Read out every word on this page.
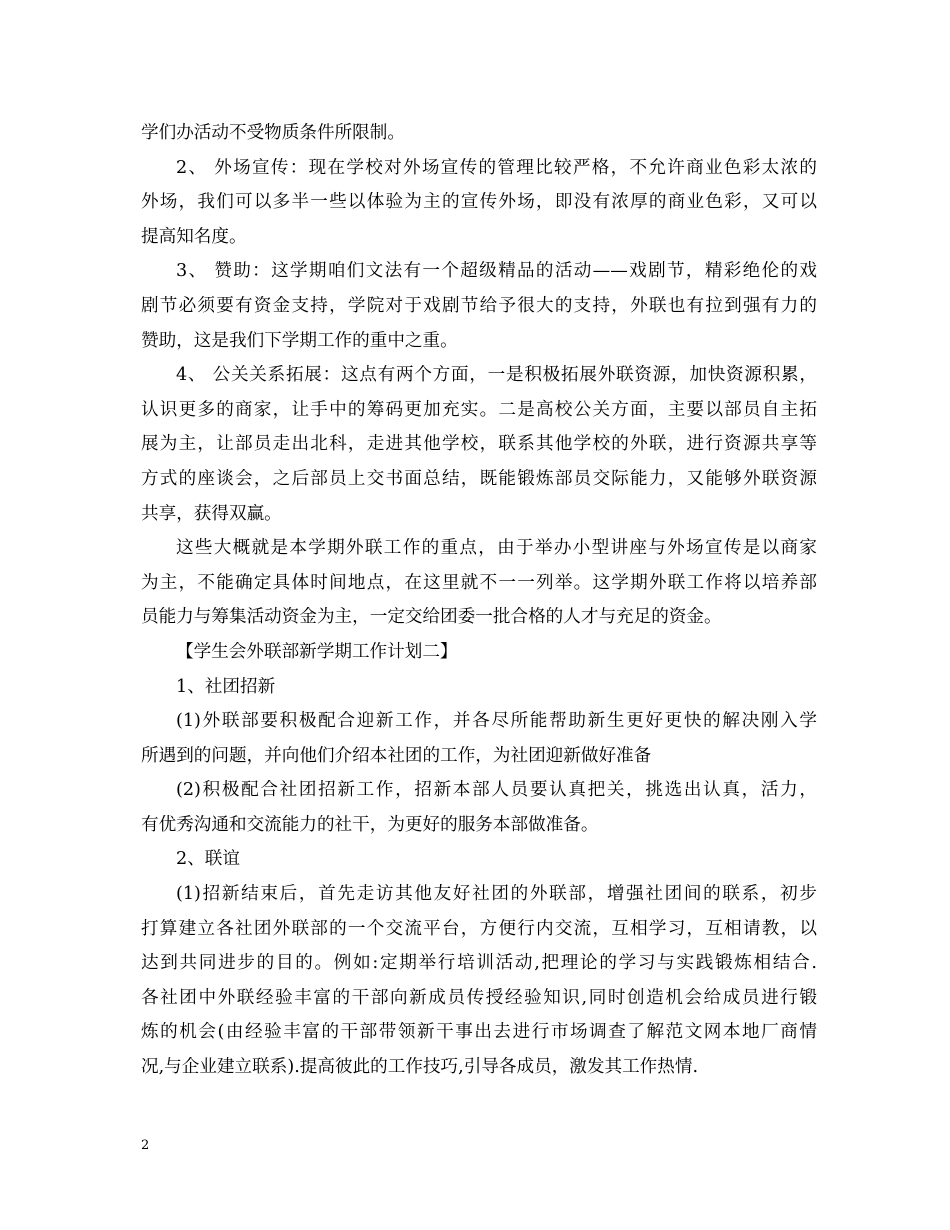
学们办活动不受物质条件所限制。
2、 外场宣传：现在学校对外场宣传的管理比较严格，不允许商业色彩太浓的
外场，我们可以多半一些以体验为主的宣传外场，即没有浓厚的商业色彩，又可以
提高知名度。
3、 赞助：这学期咱们文法有一个超级精品的活动——戏剧节，精彩绝伦的戏
剧节必须要有资金支持，学院对于戏剧节给予很大的支持，外联也有拉到强有力的
赞助，这是我们下学期工作的重中之重。
4、 公关关系拓展：这点有两个方面，一是积极拓展外联资源，加快资源积累，
认识更多的商家，让手中的筹码更加充实。二是高校公关方面，主要以部员自主拓
展为主，让部员走出北科，走进其他学校，联系其他学校的外联，进行资源共享等
方式的座谈会，之后部员上交书面总结，既能锻炼部员交际能力，又能够外联资源
共享，获得双赢。
这些大概就是本学期外联工作的重点，由于举办小型讲座与外场宣传是以商家
为主，不能确定具体时间地点，在这里就不一一列举。这学期外联工作将以培养部
员能力与筹集活动资金为主，一定交给团委一批合格的人才与充足的资金。
【学生会外联部新学期工作计划二】
1、社团招新
(1)外联部要积极配合迎新工作，并各尽所能帮助新生更好更快的解决刚入学
所遇到的问题，并向他们介绍本社团的工作，为社团迎新做好准备
(2)积极配合社团招新工作，招新本部人员要认真把关，挑选出认真，活力，
有优秀沟通和交流能力的社干，为更好的服务本部做准备。
2、联谊
(1)招新结束后，首先走访其他友好社团的外联部，增强社团间的联系，初步
打算建立各社团外联部的一个交流平台，方便行内交流，互相学习，互相请教，以
达到共同进步的目的。例如:定期举行培训活动,把理论的学习与实践锻炼相结合.
各社团中外联经验丰富的干部向新成员传授经验知识,同时创造机会给成员进行锻
炼的机会(由经验丰富的干部带领新干事出去进行市场调查了解范文网本地厂商情
况,与企业建立联系).提高彼此的工作技巧,引导各成员，激发其工作热情.
2
